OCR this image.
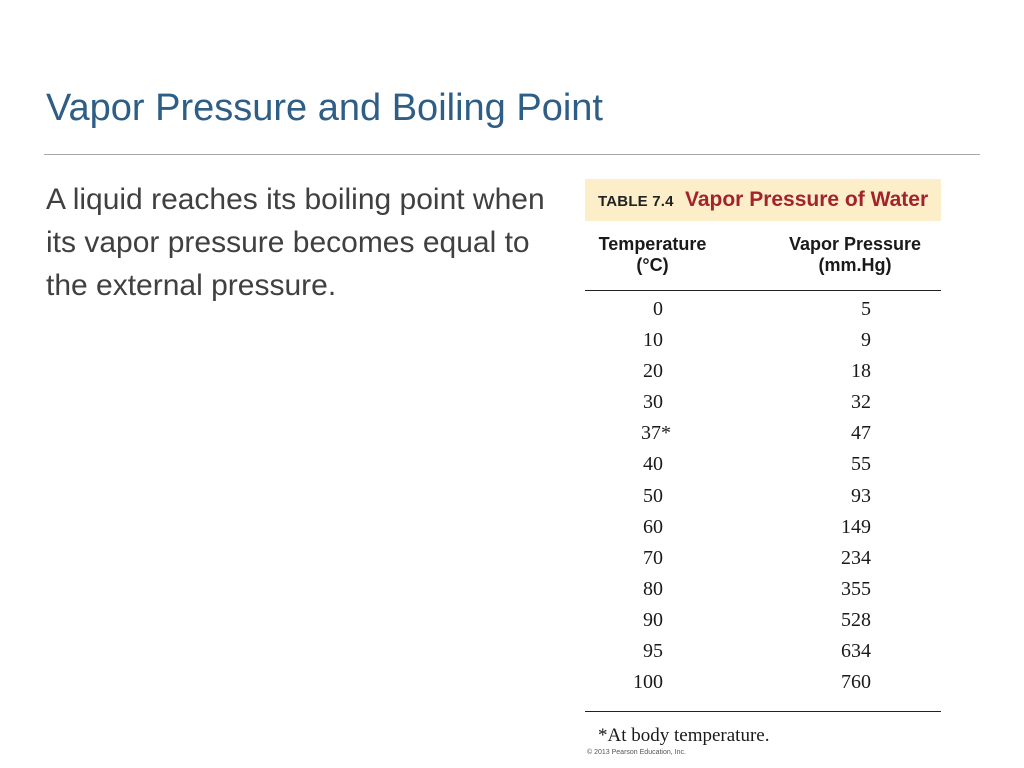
Vapor Pressure and Boiling Point

A liquid reaches its boiling point when its vapor pressure becomes equal to the external pressure.

TABLE 7.4 Vapor Pressure of Water
Temperature
(°C)
Vapor Pressure
(mm.Hg)
0	5
10	9
20	18
30	32
37*	47
40	55
50	93
60	149
70	234
80	355
90	528
95	634
100	760
*At body temperature.
© 2013 Pearson Education, Inc.
